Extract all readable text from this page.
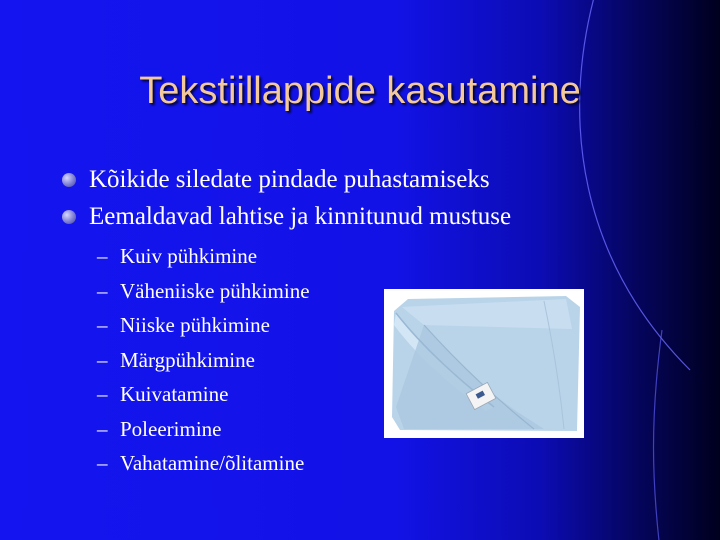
Tekstiillappide kasutamine
Kõikide siledate pindade puhastamiseks
Eemaldavad lahtise ja kinnitunud mustuse
– Kuiv pühkimine
– Väheniiske pühkimine
– Niiske pühkimine
– Märgpühkimine
– Kuivatamine
– Poleerimine
– Vahatamine/õlitamine
